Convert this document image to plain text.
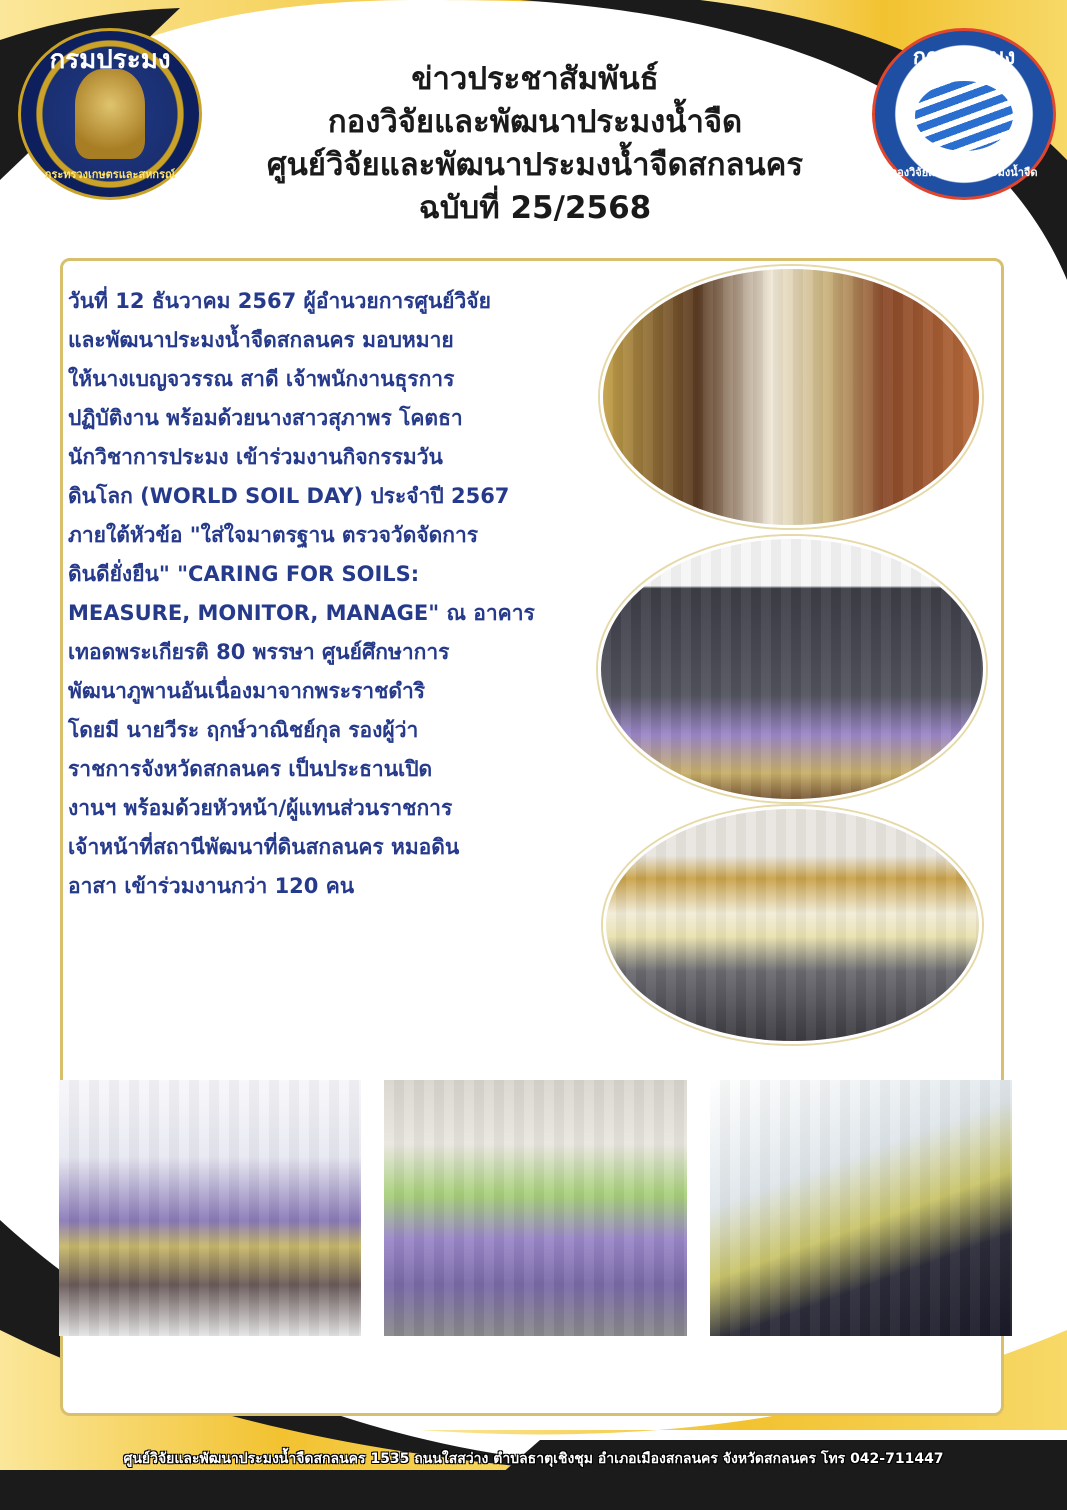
กรมประมง
กระทรวงเกษตรและสหกรณ์
กรมประมง
กองวิจัยและพัฒนาประมงน้ำจืด
ข่าวประชาสัมพันธ์
กองวิจัยและพัฒนาประมงน้ำจืด
ศูนย์วิจัยและพัฒนาประมงน้ำจืดสกลนคร
ฉบับที่ 25/2568
วันที่ 12 ธันวาคม 2567 ผู้อำนวยการศูนย์วิจัย
และพัฒนาประมงน้ำจืดสกลนคร มอบหมาย
ให้นางเบญจวรรณ สาดี เจ้าพนักงานธุรการ
ปฏิบัติงาน พร้อมด้วยนางสาวสุภาพร โคตธา
นักวิชาการประมง เข้าร่วมงานกิจกรรมวัน
ดินโลก (WORLD SOIL DAY) ประจำปี 2567
ภายใต้หัวข้อ "ใส่ใจมาตรฐาน ตรวจวัดจัดการ
ดินดียั่งยืน" "CARING FOR SOILS:
MEASURE, MONITOR, MANAGE" ณ อาคาร
เทอดพระเกียรติ 80 พรรษา ศูนย์ศึกษาการ
พัฒนาภูพานอันเนื่องมาจากพระราชดำริ
โดยมี นายวีระ ฤกษ์วาณิชย์กุล รองผู้ว่า
ราชการจังหวัดสกลนคร เป็นประธานเปิด
งานฯ พร้อมด้วยหัวหน้า/ผู้แทนส่วนราชการ
เจ้าหน้าที่สถานีพัฒนาที่ดินสกลนคร หมอดิน
อาสา เข้าร่วมงานกว่า 120 คน
ศูนย์วิจัยและพัฒนาประมงน้ำจืดสกลนคร 1535 ถนนใสสว่าง ตำบลธาตุเชิงชุม อำเภอเมืองสกลนคร จังหวัดสกลนคร โทร 042-711447
